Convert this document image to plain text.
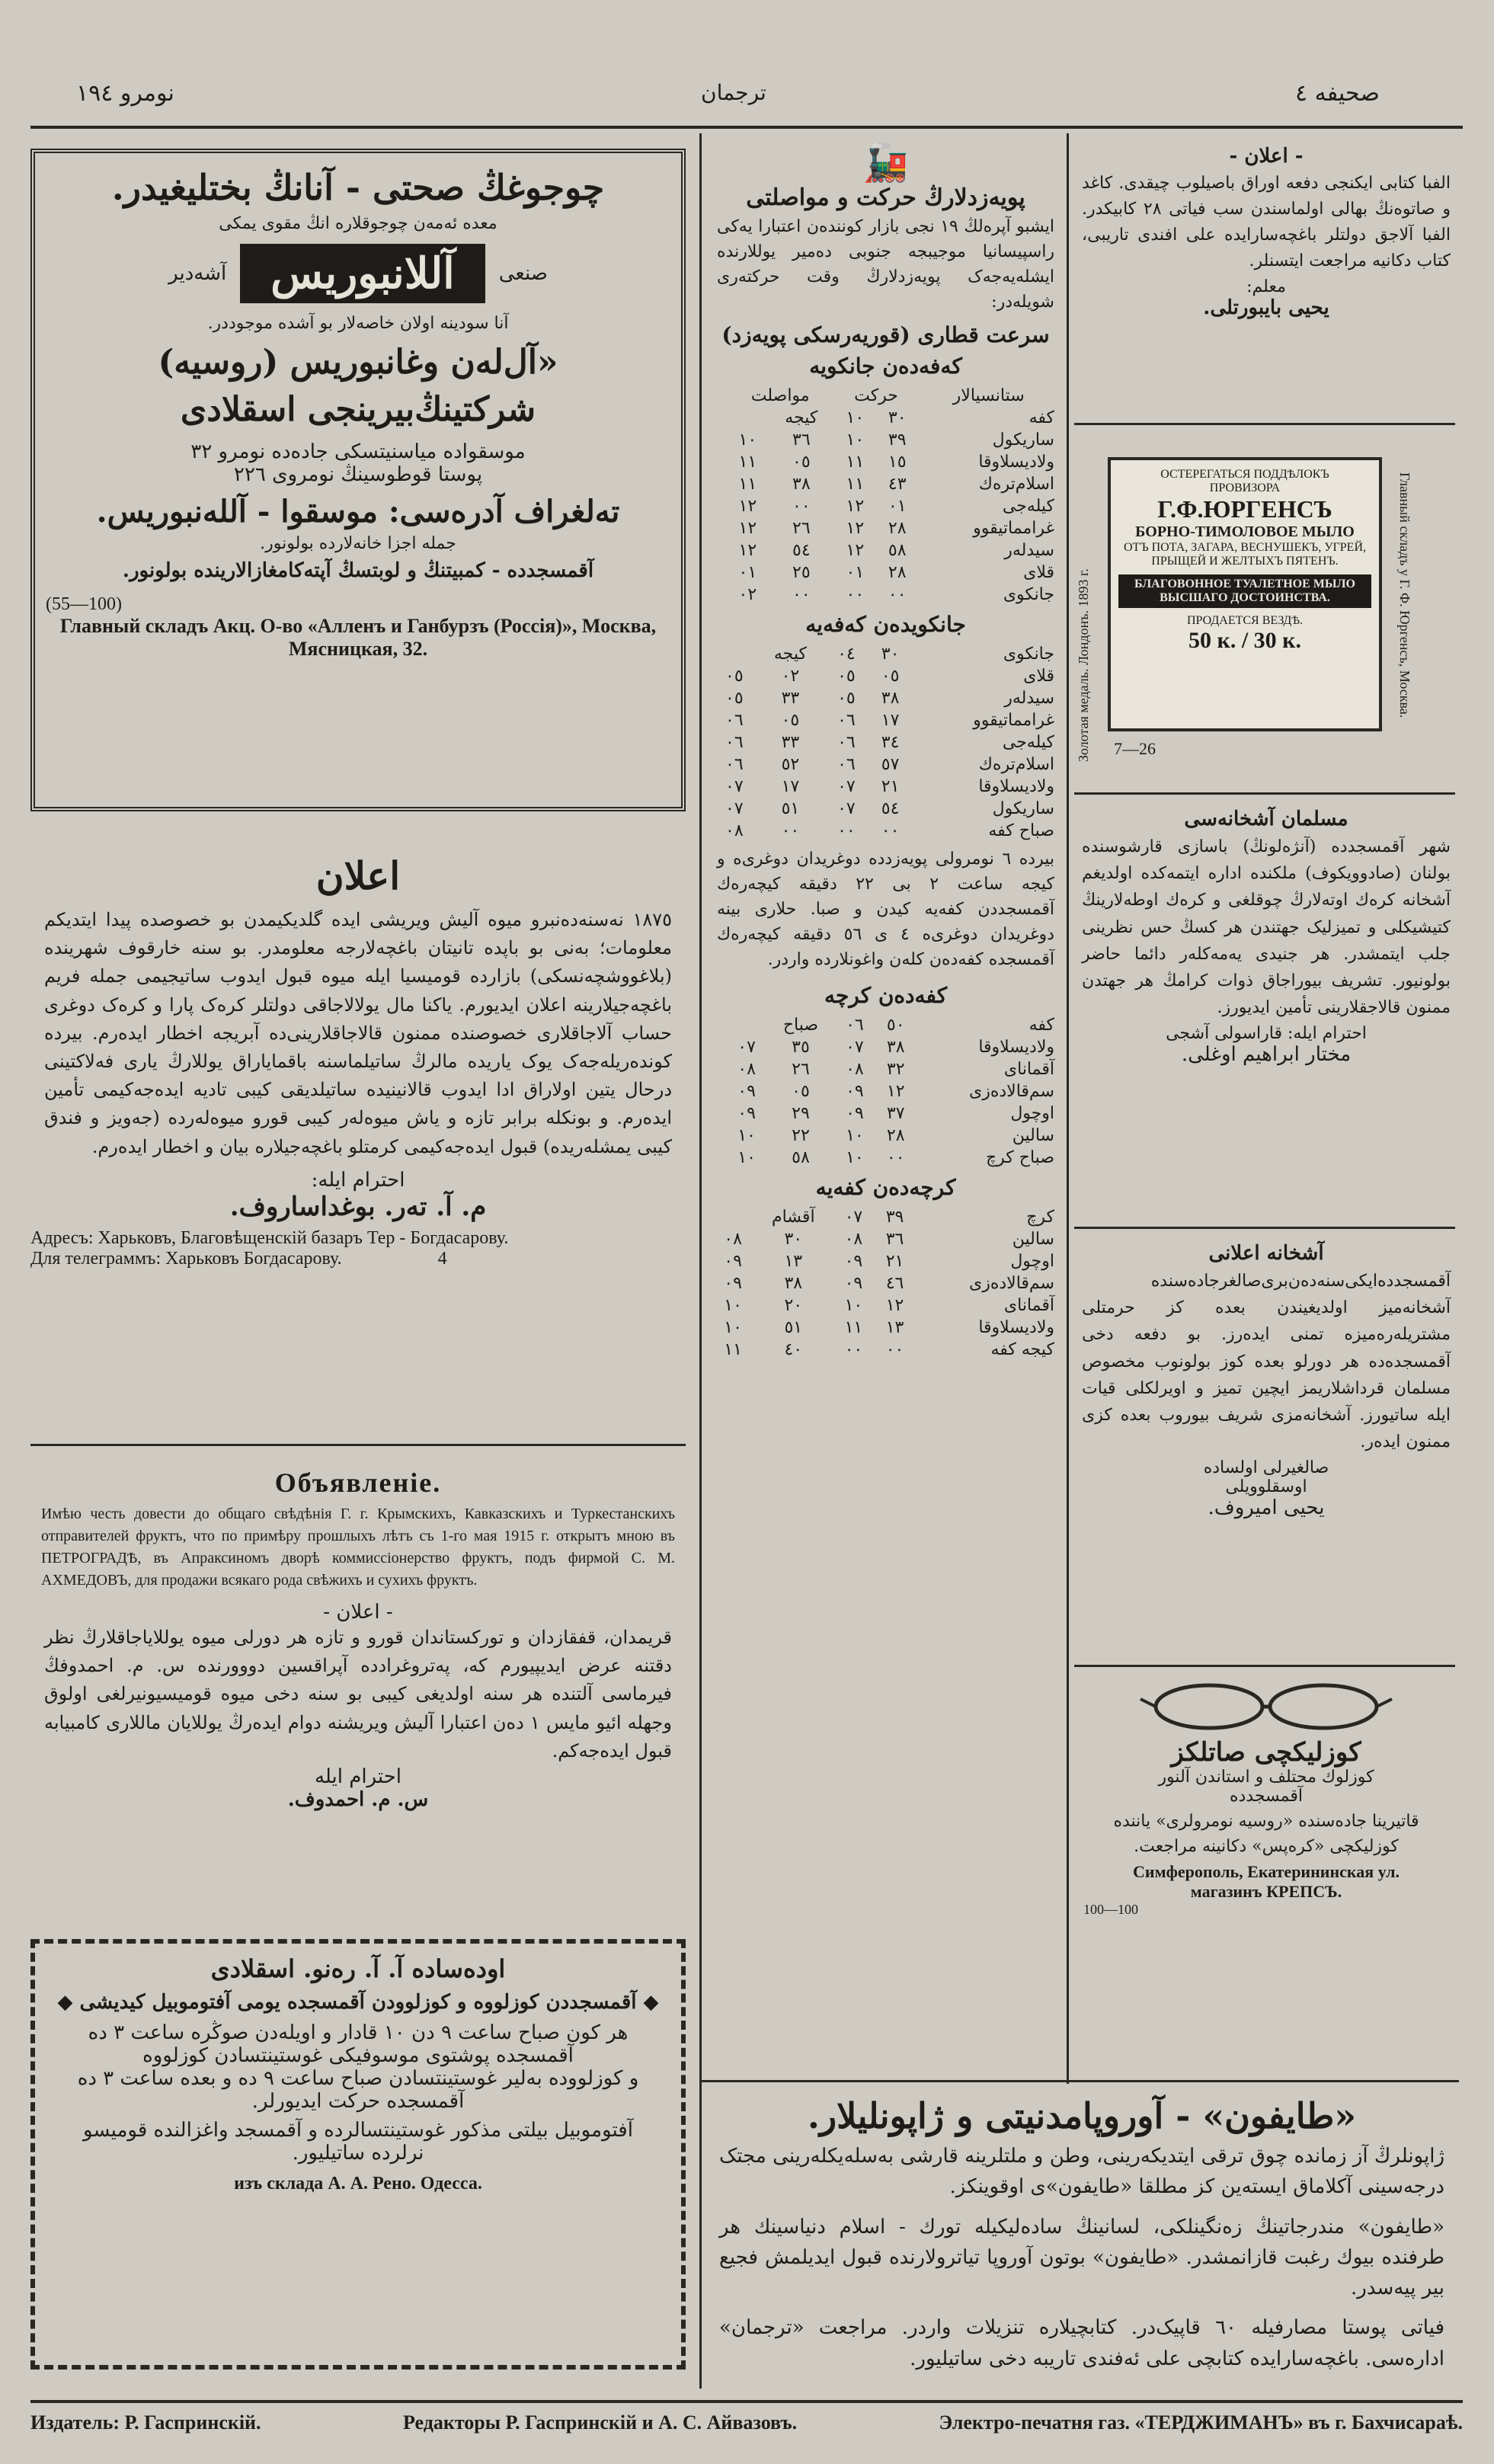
نومرو ۱۹٤	ترجمان	صحیفه ٤
چوجوغڭ صحتی - آنانڭ بختلیغیدر.
معده ئەمەن چوجوقلاره انڭ مقوی یمکی
صنعی
آللانبوریس
آشەدیر
آنا سودینه اولان خاصەلار بو آشده موجوددر.
«آل‌له‌ن وغانبوریس (روسیه) شرکتینڭ‌بیرینجی اسقلادی
موسقوادە میاسنیتسکی جادەدە نومرو ٣٢
پوستا قوطوسینڭ نومروی ٢٢٦
تەلغراف آدرەسی: موسقوا - آللەنبوریس.
جمله اجزا خانەلاردە بولونور.
آقمسجدده - کمبیتنڭ و لوبتسڭ آپتەکامغازالارینده بولونور.
(55—100)
Главный складъ Акц. О-во «Алленъ и Ганбурзъ (Россія)», Москва,
Мясницкая, 32.
اعلان
١٨٧٥ نەسنەدەنبرو میوه آلیش ویریشی ایده گلدیکیمدن بو خصوصده پیدا ایتدیکم معلومات؛ بەنی بو باپده تانیتان باغچەلارجه معلومدر. بو سنه خارقوف شهرینده (بلاغووشچەنسکی) بازارده قومیسیا ایله میوه قبول ایدوب ساتیجیمی جمله فریم باغچه‌جیلارینه اعلان ایدیورم. یاکنا مال یولالاجاقی دولتلر کرەک پارا و کرەک دوغری حساب آلاجاقلاری خصوصنده ممنون قالاجاقلارینی‌ده آبریجه اخطار ایده‌رم. بیرده کوندەریلەجەک یوک یاریده مالرڭ ساتیلماسنه باقمایاراق یوللارڭ یاری فەلاکتینی درحال یتین اولاراق ادا ایدوب قالانینیده ساتیلدیقی کیبی تادیه ایده‌جه‌کیمی تأمین ایدەرم. و بونکله برابر تازه و یاش میوه‌لەر کیبی قورو میوه‌لەرده (جەویز و فندق کیبی یمشلەریده) قبول ایده‌جه‌کیمی کرمتلو باغچه‌جیلاره بیان و اخطار ایدەرم.
احترام ایله:
م. آ. تەر. بوغداساروف.
Адресъ: Харьковъ, Благовѣщенскій базаръ Тер - Богдасарову.
Для телеграммъ: Харьковъ Богдасарову.	4
Объявленіе.
Имѣю честь довести до общаго свѣдѣнія Г. г. Крымскихъ, Кавказскихъ и Туркестанскихъ отправителей фруктъ, что по примѣру прошлыхъ лѣтъ съ 1-го мая 1915 г. открытъ мною въ ПЕТРОГРАДѢ, въ Апраксиномъ дворѣ коммиссіонерство фруктъ, подъ фирмой С. М. АХМЕДОВЪ, для продажи всякаго рода свѣжихъ и сухихъ фруктъ.
- اعلان -
قریمدان، قفقازدان و تورکستاندان قورو و تازه هر دورلی میوه یوللایاجاقلارڭ نظر دقتنه عرض ایدیپیورم که، پەتروغرادده آپراقسین دووورنده س. م. احمدوفڭ فیرماسی آلتنده هر سنه اولدیغی کیبی بو سنه دخی میوه قومیسیونیرلغی اولوق وجهله ائیو مایس ١ دەن اعتبارا آلیش ویریشنه دوام ایدەرڭ یوللایان ماللاری کامبیابه قبول ایده‌جه‌کم.
احترام ایله
س. م. احمدوف.
اودەساده آ. آ. رەنو. اسقلادی
◆ آقمسجددن کوزلووه و کوزلوودن آقمسجده یومی آفتوموبیل کیدیشی ◆
هر کون صباح ساعت ۹ دن ۱۰ قادار و اویلەدن صوڭره ساعت ۳ ده
آقمسجده پوشتوی موسوفیکی غوستینتسادن کوزلووه
و کوزلووده بەلیر غوستینتسادن صباح ساعت ۹ ده و بعده ساعت ۳ ده
آقمسجده حرکت ایدیورلر.
آفتوموبیل بیلتی مذکور غوستینتسالرده و آقمسجد واغزالنده قومیسو
نرلرده ساتیلیور.
изъ склада А. А. Рено. Одесса.
🚂
پویەزدلارڭ حرکت و مواصلتی
ایشبو آپرەلڭ ١٩ نجی بازار کونندەن اعتبارا یەکی راسپیسانیا موجیبجه جنوبی دەمیر یوللارنده ایشلەیەجەک پویەزدلارڭ وقت حرکتەری شویلەدر:
سرعت قطاری (قوریەرسکی پویەزد)
کەفەدەن جانکویه
ستانسیالار	حرکت		مواصلت		
کفه	٣٠	١٠	کیجه		
ساریکول	٣٩	١٠	٣٦	١٠	
ولادیسلاوقا	١٥	١١	٠٥	١١	
اسلام‌ترەك	٤٣	١١	٣٨	١١	
کیلەجی	٠١	١٢	٠٠	١٢	
غرامماتیقوو	٢٨	١٢	٢٦	١٢	
سیدلەر	٥٨	١٢	٥٤	١٢	
قلای	٢٨	٠١	٢٥	٠١	
جانکوی	٠٠	٠٠	٠٠	٠٢	
جانکویدەن کەفەیه
جانکوی	٣٠	٠٤	کیجه	
قلای	٠٥	٠٥	٠٢	٠٥
سیدلەر	٣٨	٠٥	٣٣	٠٥
غرامماتیقوو	١٧	٠٦	٠٥	٠٦
کیلەجی	٣٤	٠٦	٣٣	٠٦
اسلام‌ترەك	٥٧	٠٦	٥٢	٠٦
ولادیسلاوقا	٢١	٠٧	١٧	٠٧
ساریکول	٥٤	٠٧	٥١	٠٧
صباح کفه	٠٠	٠٠	٠٠	٠٨
بیرده ٦ نومرولی پویەزددە دوغریدان دوغری‌ه و کیجه ساعت ٢ بی ٢٢ دقیقه کیچەرەك آقمسجددن کفه‌یه کیدن و صبا. حلاری بینه دوغریدان دوغری‌ه ٤ ی ٥٦ دقیقه کیچەرەك آقمسجده کفه‌دەن کلەن واغونلاردە واردر.
کفه‌دەن کرچه
کفه	٥٠	٠٦	صباح		
ولادیسلاوقا	٣٨	٠٧	٣٥	٠٧	
آقمانای	٣٢	٠٨	٢٦	٠٨	
سم‌قالادەزی	١٢	٠٩	٠٥	٠٩	
اوچول	٣٧	٠٩	٢٩	٠٩	
سالین	٢٨	١٠	٢٢	١٠	
صباح کرچ	٠٠	١٠	٥٨	١٠	
کرچەدەن کفه‌یه
کرچ	٣٩	٠٧	آقشام	
سالین	٣٦	٠٨	٣٠	٠٨
اوچول	٢١	٠٩	١٣	٠٩
سم‌قالادەزی	٤٦	٠٩	٣٨	٠٩
آقمانای	١٢	١٠	٢٠	١٠
ولادیسلاوقا	١٣	١١	٥١	١٠
کیجه کفه	٠٠	٠٠	٤٠	١١
- اعلان -
الفبا کتابی ایکنجی دفعه اوراق باصیلوب چیقدی. کاغد و صاتوەنڭ بهالی اولماسندن سب فیاتی ٢٨ کابیکدر. الفبا آلاجق دولتلر باغچه‌سارایده علی افندی تاریبی، کتاب دکانیه مراجعت ایتسنلر.
معلم:
یحیی بایبورتلی.
Золотая медаль. Лондонъ. 1893 г.
ОСТЕРЕГАТЬСЯ ПОДДѢЛОКЪ
ПРОВИЗОРА
Г.Ф.ЮРГЕНСЪ
БОРНО-ТИМОЛОВОЕ МЫЛО
ОТЪ ПОТА, ЗАГАРА, ВЕСНУШЕКЪ, УГРЕЙ,
ПРЫЩЕЙ И ЖЕЛТЫХЪ ПЯТЕНЪ.
БЛАГОВОННОЕ ТУАЛЕТНОЕ МЫЛО
ВЫСШАГО ДОСТОИНСТВА.
ПРОДАЕТСЯ ВЕЗДѢ.
50 к. / 30 к.	Главный складъ у Г. Ф. Юргенсъ, Москва.
7—26
مسلمان آشخانه‌سی
شهر آقمسجدده (آنژەلونڭ) باسازی قارشوسنده بولنان (صادوویکوف) ملکنده اداره ایتمەکده اولدیغم آشخانه کرەك اوتەلارڭ چوقلغی و کرەك اوطەلارینڭ کتیشیکلی و تمیزلیک جهتندن هر کسڭ حس نظرینی جلب ایتمشدر. هر جنیدی یەمەكلەر دائما حاضر بولونیور. تشریف بیوراجاق ذوات کرامڭ هر جهتدن ممنون قالاجقلارینی تأمین ایدیورز.
احترام ایله: قاراسولی آشجی
مختار ابراهیم اوغلی.
آشخانه اعلانی
آقمسجدده‌ایکی‌سنه‌دەن‌بری‌صالغرجادەسنده آشخانەمیز اولدیغیندن بعده کز حرمتلی مشتریلەرەمیزە تمنی ایدەرز. بو دفعه دخی آقمسجده‌ده هر دورلو بعده کوز بولونوب مخصوص مسلمان قرداشلاریمز ایچین تمیز و اویرلکلی قیات ایله ساتیورز. آشخانه‌مزی شریف بیوروب بعده کزی ممنون ایده‌ر.
صالغیرلی اولساده
اوسقلوویلی
یحیی امیروف.
کوزلیکچی صاتلکز
کوزلوك محتلف و استاندن آلنور
آقمسجدده
قاتیرینا جادەسنده «روسیه نومرولری» یاننده کوزلیکچی «کرەپس» دکانینه مراجعت.
Симферополь, Екатерининская ул.
магазинъ КРЕПСЪ.
100—100
«طایفون» - آوروپامدنیتی و ژاپونلیلار.
ژاپونلرڭ آز زمانده چوق ترقی ایتدیکەرینی، وطن و ملتلرینه قارشی بەسلەیکلەرینی مجتک درجه‌سینی آکلاماق ایسته‌ین کز مطلقا «طایفون»ی اوقوینکز.
«طایفون» مندرجاتینڭ زەنگینلکی، لسانینڭ ساده‌لیکیله تورك - اسلام دنیاسینك هر طرفنده بیوك رغبت قازانمشدر. «طایفون» بوتون آوروپا تیاترولارنده قبول ایدیلمش فجیع بیر پیه‌سدر.
فیاتی پوستا مصارفیله ٦٠ قاپیک‌در. کتابچیلاره تنزیلات واردر. مراجعت «ترجمان» اداره‌سی. باغچه‌سارایده کتابچی علی ئەفندی تاریبه دخی ساتیلیور.
Издатель: Р. Гаспринскій.	Редакторы Р. Гаспринскій и А. С. Айвазовъ.	Электро-печатня газ. «ТЕРДЖИМАНЪ» въ г. Бахчисараѣ.
